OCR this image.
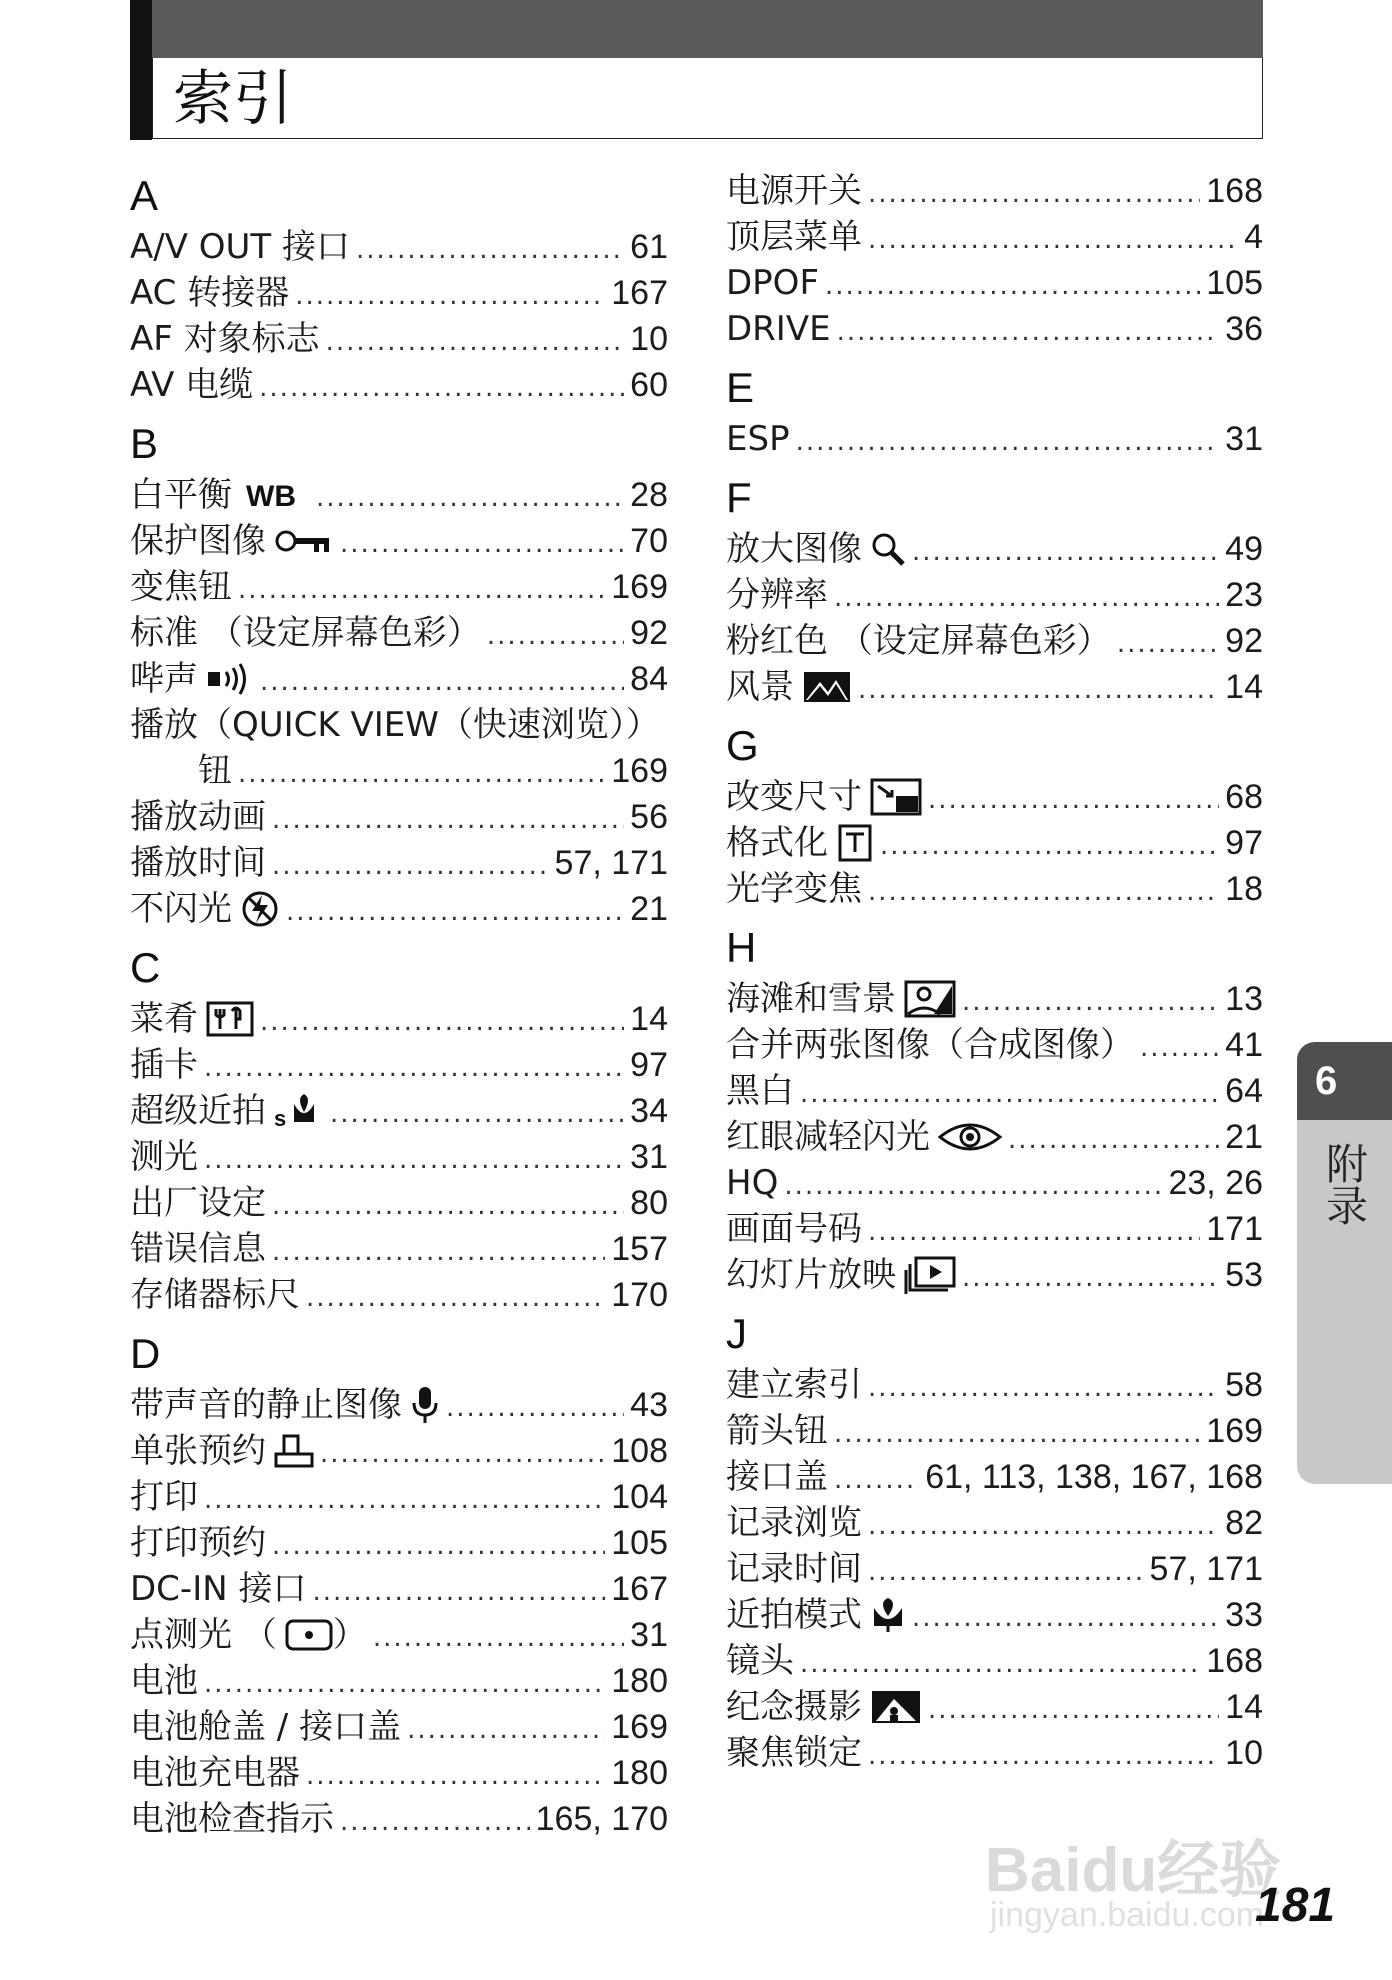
索引
A
A/V OUT 接口 .....	61
AC 转接器 .....	167
AF 对象标志 .....	10
AV 电缆 .....	60
B
白平衡 WB .....	28
保护图像 .....	70
变焦钮 .....	169
标准 （设定屏幕色彩） .....	92
哔声 .....	84
播放（QUICK VIEW（快速浏览））
钮 .....	169
播放动画 .....	56
播放时间 .....	57, 171
不闪光 .....	21
C
菜肴 .....	14
插卡 .....	97
超级近拍 s .....	34
测光 .....	31
出厂设定 .....	80
错误信息 .....	157
存储器标尺 .....	170
D
带声音的静止图像 .....	43
单张预约 .....	108
打印 .....	104
打印预约 .....	105
DC-IN 接口 .....	167
点测光 （ ） .....	31
电池 .....	180
电池舱盖 / 接口盖 .....	169
电池充电器 .....	180
电池检查指示 .....	165, 170
电源开关 .....	168
顶层菜单 .....	4
DPOF .....	105
DRIVE .....	36
E
ESP .....	31
F
放大图像 .....	49
分辨率 .....	23
粉红色 （设定屏幕色彩） .....	92
风景 .....	14
G
改变尺寸 .....	68
格式化 .....	97
光学变焦 .....	18
H
海滩和雪景 .....	13
合并两张图像（合成图像） .....	41
黑白 .....	64
红眼减轻闪光 .....	21
HQ .....	23, 26
画面号码 .....	171
幻灯片放映 .....	53
J
建立索引 .....	58
箭头钮 .....	169
接口盖 .....	61, 113, 138, 167, 168
记录浏览 .....	82
记录时间 .....	57, 171
近拍模式 .....	33
镜头 .....	168
纪念摄影 .....	14
聚焦锁定 .....	10
6
附录
Baidu经验
jingyan.baidu.com
181
